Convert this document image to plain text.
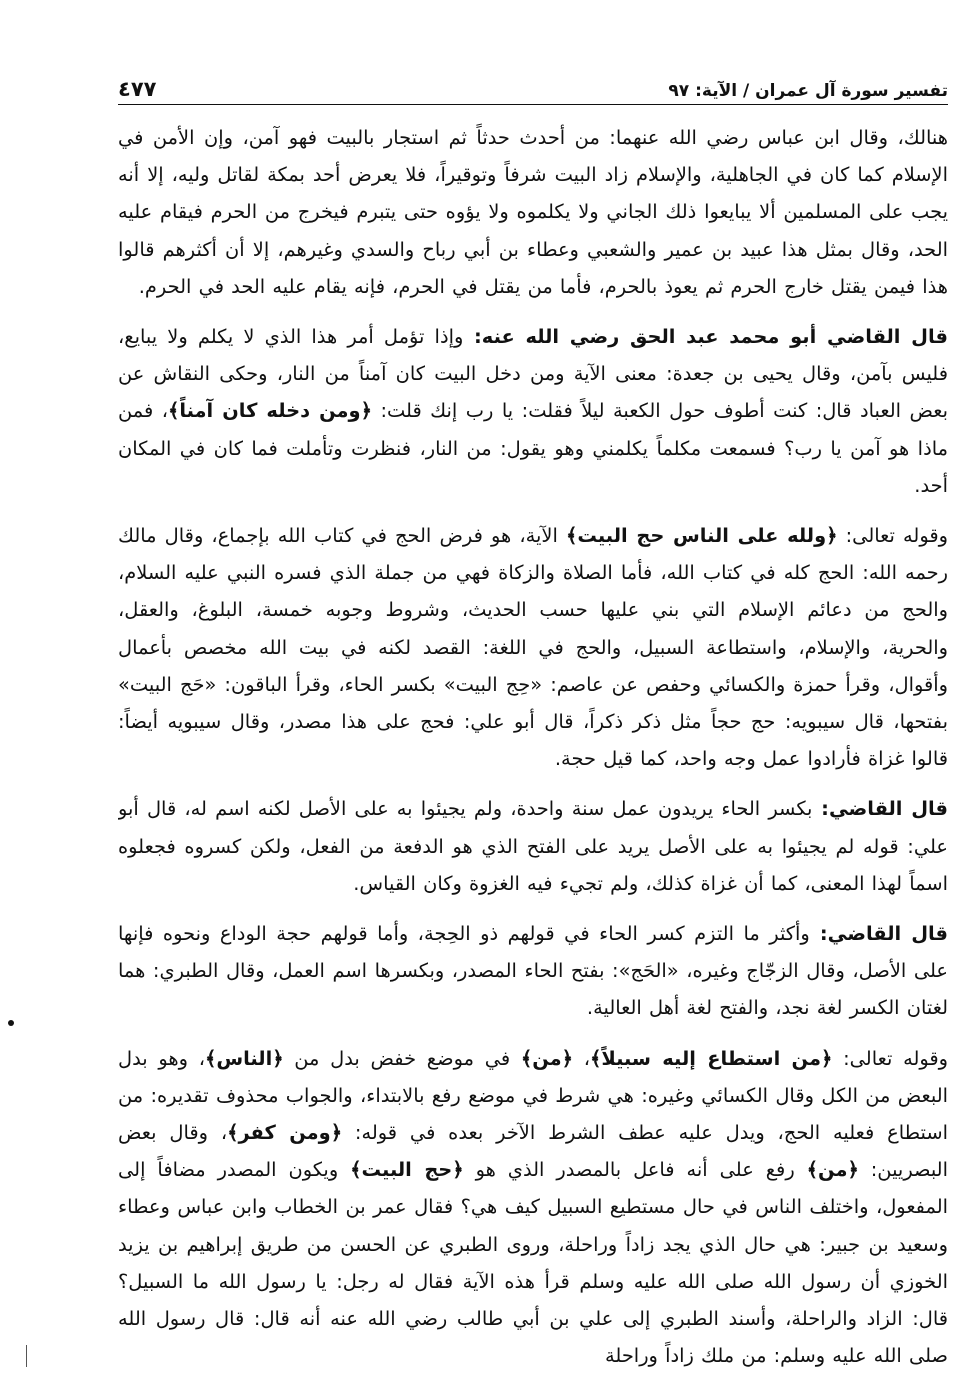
تفسير سورة آل عمران / الآية: ٩٧
٤٧٧

هنالك، وقال ابن عباس رضي الله عنهما: من أحدث حدثاً ثم استجار بالبيت فهو آمن، وإن الأمن في الإسلام كما كان في الجاهلية، والإسلام زاد البيت شرفاً وتوقيراً، فلا يعرض أحد بمكة لقاتل وليه، إلا أنه يجب على المسلمين ألا يبايعوا ذلك الجاني ولا يكلموه ولا يؤوه حتى يتبرم فيخرج من الحرم فيقام عليه الحد، وقال بمثل هذا عبيد بن عمير والشعبي وعطاء بن أبي رباح والسدي وغيرهم، إلا أن أكثرهم قالوا هذا فيمن يقتل خارج الحرم ثم يعوذ بالحرم، فأما من يقتل في الحرم، فإنه يقام عليه الحد في الحرم.

قال القاضي أبو محمد عبد الحق رضي الله عنه: وإذا تؤمل أمر هذا الذي لا يكلم ولا يبايع، فليس بآمن، وقال يحيى بن جعدة: معنى الآية ومن دخل البيت كان آمناً من النار، وحكى النقاش عن بعض العباد قال: كنت أطوف حول الكعبة ليلاً فقلت: يا رب إنك قلت: ﴿ومن دخله كان آمناً﴾، فمن ماذا هو آمن يا رب؟ فسمعت مكلماً يكلمني وهو يقول: من النار، فنظرت وتأملت فما كان في المكان أحد.

وقوله تعالى: ﴿ولله على الناس حج البيت﴾ الآية، هو فرض الحج في كتاب الله بإجماع، وقال مالك رحمه الله: الحج كله في كتاب الله، فأما الصلاة والزكاة فهي من جملة الذي فسره النبي عليه السلام، والحج من دعائم الإسلام التي بني عليها حسب الحديث، وشروط وجوبه خمسة، البلوغ، والعقل، والحرية، والإسلام، واستطاعة السبيل، والحج في اللغة: القصد لكنه في بيت الله مخصص بأعمال وأقوال، وقرأ حمزة والكسائي وحفص عن عاصم: «حِج البيت» بكسر الحاء، وقرأ الباقون: «حَج البيت» بفتحها، قال سيبويه: حج حجاً مثل ذكر ذكراً، قال أبو علي: فحج على هذا مصدر، وقال سيبويه أيضاً: قالوا غزاة فأرادوا عمل وجه واحد، كما قيل حجة.

قال القاضي: بكسر الحاء يريدون عمل سنة واحدة، ولم يجيئوا به على الأصل لكنه اسم له، قال أبو علي: قوله لم يجيئوا به على الأصل يريد على الفتح الذي هو الدفعة من الفعل، ولكن كسروه فجعلوه اسماً لهذا المعنى، كما أن غزاة كذلك، ولم تجيء فيه الغزوة وكان القياس.

قال القاضي: وأكثر ما التزم كسر الحاء في قولهم ذو الحِجة، وأما قولهم حجة الوداع ونحوه فإنها على الأصل، وقال الزجّاج وغيره، «الحَج»: بفتح الحاء المصدر، وبكسرها اسم العمل، وقال الطبري: هما لغتان الكسر لغة نجد، والفتح لغة أهل العالية.

وقوله تعالى: ﴿من استطاع إليه سبيلاً﴾، ﴿من﴾ في موضع خفض بدل من ﴿الناس﴾، وهو بدل البعض من الكل وقال الكسائي وغيره: هي شرط في موضع رفع بالابتداء، والجواب محذوف تقديره: من استطاع فعليه الحج، ويدل عليه عطف الشرط الآخر بعده في قوله: ﴿ومن كفر﴾، وقال بعض البصريين: ﴿من﴾ رفع على أنه فاعل بالمصدر الذي هو ﴿حج البيت﴾ ويكون المصدر مضافاً إلى المفعول، واختلف الناس في حال مستطيع السبيل كيف هي؟ فقال عمر بن الخطاب وابن عباس وعطاء وسعيد بن جبير: هي حال الذي يجد زاداً وراحلة، وروى الطبري عن الحسن من طريق إبراهيم بن يزيد الخوزي أن رسول الله صلى الله عليه وسلم قرأ هذه الآية فقال له رجل: يا رسول الله ما السبيل؟ قال: الزاد والراحلة، وأسند الطبري إلى علي بن أبي طالب رضي الله عنه أنه قال: قال رسول الله صلى الله عليه وسلم: من ملك زاداً وراحلة
